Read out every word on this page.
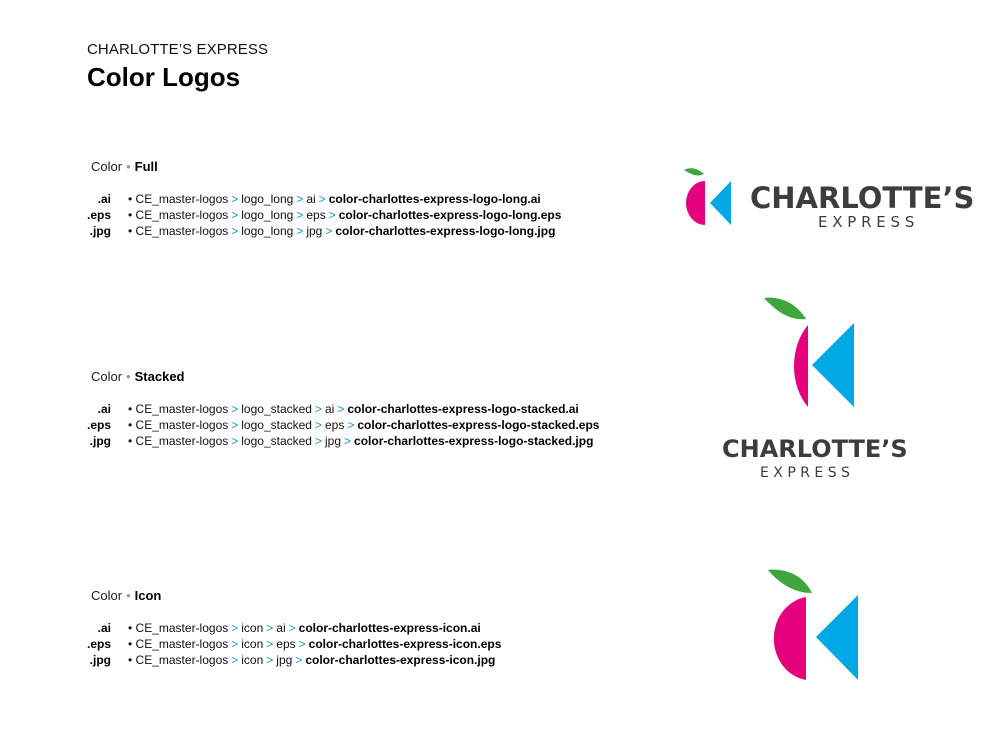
CHARLOTTE’S EXPRESS
Color Logos
Color • Full
.ai • CE_master-logos > logo_long > ai > color-charlottes-express-logo-long.ai
.eps • CE_master-logos > logo_long > eps > color-charlottes-express-logo-long.eps
.jpg • CE_master-logos > logo_long > jpg > color-charlottes-express-logo-long.jpg
Color • Stacked
.ai • CE_master-logos > logo_stacked > ai > color-charlottes-express-logo-stacked.ai
.eps • CE_master-logos > logo_stacked > eps > color-charlottes-express-logo-stacked.eps
.jpg • CE_master-logos > logo_stacked > jpg > color-charlottes-express-logo-stacked.jpg
Color • Icon
.ai • CE_master-logos > icon > ai > color-charlottes-express-icon.ai
.eps • CE_master-logos > icon > eps > color-charlottes-express-icon.eps
.jpg • CE_master-logos > icon > jpg > color-charlottes-express-icon.jpg
CHARLOTTE’S
E X P R E S S
CHARLOTTE’S
E X P R E S S
